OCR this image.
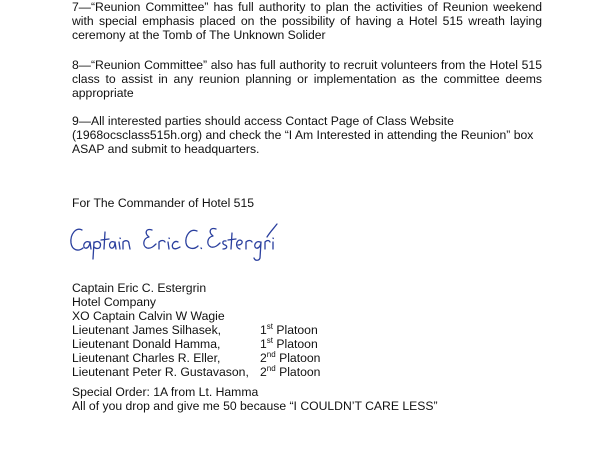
7—“Reunion Committee” has full authority to plan the activities of Reunion weekend
with special emphasis placed on the possibility of having a Hotel 515 wreath laying
ceremony at the Tomb of The Unknown Solider

8—“Reunion Committee” also has full authority to recruit volunteers from the Hotel 515
class to assist in any reunion planning or implementation as the committee deems
appropriate

9—All interested parties should access Contact Page of Class Website
(1968ocsclass515h.org) and check the “I Am Interested in attending the Reunion” box
ASAP and submit to headquarters.

For The Commander of Hotel 515

Captain Eric C. Estergrin
Hotel Company
XO Captain Calvin W Wagie
Lieutenant James Silhasek,	1st Platoon
Lieutenant Donald Hamma,	1st Platoon
Lieutenant Charles R. Eller,	2nd Platoon
Lieutenant Peter R. Gustavason, 2nd Platoon
Special Order: 1A from Lt. Hamma
All of you drop and give me 50 because “I COULDN’T CARE LESS”
